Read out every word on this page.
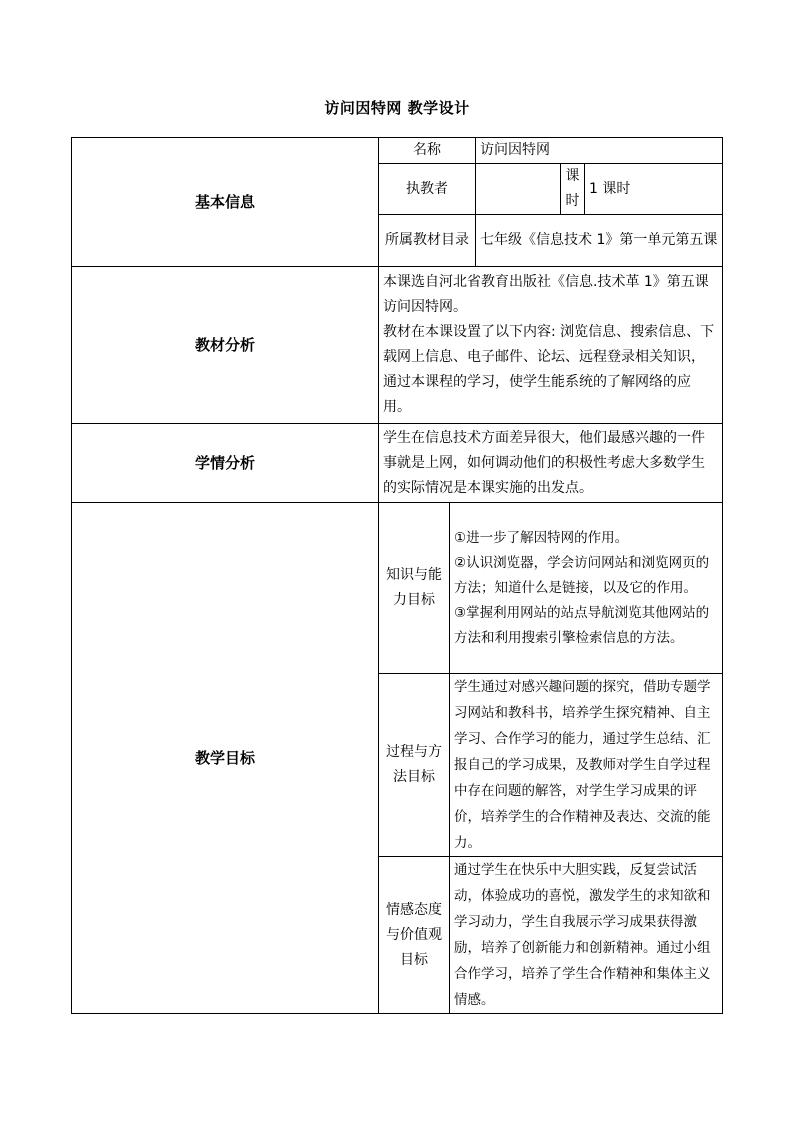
访问因特网 教学设计
基本信息	名称		访问因特网		
	执教者			课时	1 课时
	所属教材目录		七年级《信息技术 1》第一单元第五课		
教材分析	本课选自河北省教育出版社《信息.技术革 1》第五课访问因特网。
教材在本课设置了以下内容: 浏览信息、搜索信息、下载网上信息、电子邮件、论坛、远程登录相关知识，通过本课程的学习，使学生能系统的了解网络的应用。				

学情分析	学生在信息技术方面差异很大，他们最感兴趣的一件事就是上网，如何调动他们的积极性考虑大多数学生的实际情况是本课实施的出发点。				
教学目标	知识与能力目标	①进一步了解因特网的作用。
②认识浏览器，学会访问网站和浏览网页的方法；知道什么是链接，以及它的作用。
③掌握利用网站的站点导航浏览其他网站的方法和利用搜索引擎检索信息的方法。			

	过程与方法目标	学生通过对感兴趣问题的探究，借助专题学习网站和教科书，培养学生探究精神、自主学习、合作学习的能力，通过学生总结、汇报自己的学习成果，及教师对学生自学过程中存在问题的解答，对学生学习成果的评价，培养学生的合作精神及表达、交流的能力。			
	情感态度与价值观目标	通过学生在快乐中大胆实践，反复尝试活动，体验成功的喜悦，激发学生的求知欲和学习动力，学生自我展示学习成果获得激励，培养了创新能力和创新精神。通过小组合作学习，培养了学生合作精神和集体主义情感。			
